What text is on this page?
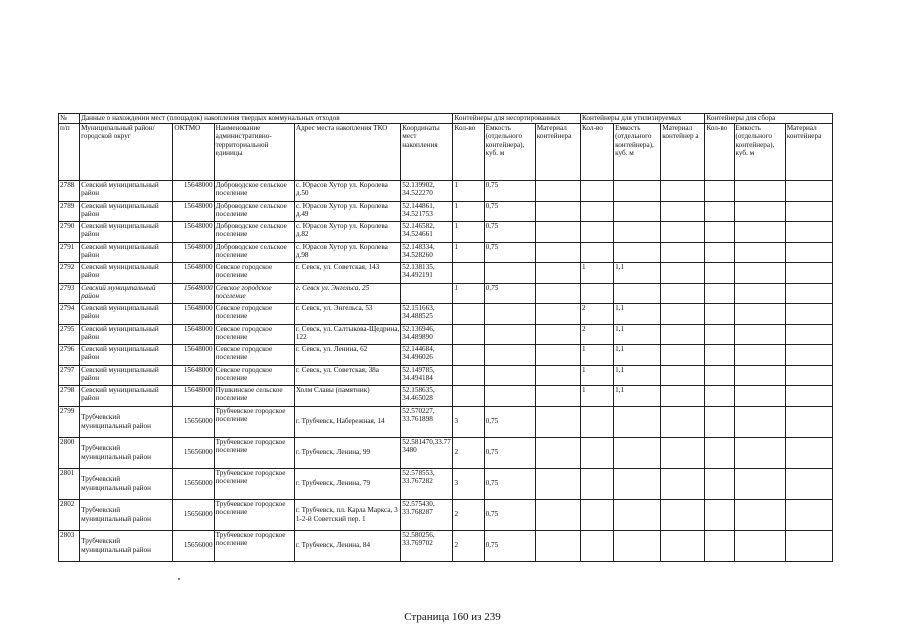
№	Данные о нахождении мест (площадок) накопления твердых коммунальных отходов					Контейнеры для несортированных			Контейнеры для утилизируемых			Контейнеры для сбора		
п/п	Муниципальный район/городской округ	ОКТМО	Наименование административно-территориальной единицы	Адрес места накопления ТКО	Координаты мест накопления	Кол-во	Емкость (отдельного контейнера), куб. м	Материал контейнера	Кол-во	Емкость (отдельного контейнера), куб. м	Материал контейнер а	Кол-во	Емкость (отдельного контейнера), куб. м	Материал контейнера
2788	Севский муниципальный район	15648000	Доброводское сельское поселение	с. Юрасов Хутор ул. Королева д.50	52.139902, 34.522270	1	0,75							
2789	Севский муниципальный район	15648000	Доброводское сельское поселение	с. Юрасов Хутор ул. Королева д.49	52.144861, 34.521753	1	0,75							
2790	Севский муниципальный район	15648000	Доброводское сельское поселение	с. Юрасов Хутор ул. Королева д.82	52.146582, 34.524661	1	0,75							
2791	Севский муниципальный район	15648000	Доброводское сельское поселение	с. Юрасов Хутор ул. Королева д.98	52.148334, 34.528260	1	0,75							
2792	Севский муниципальный район	15648000	Севское городское поселение	г. Севск, ул. Советская, 143	52.138135, 34.492191				1	1,1				
2793	Севский муниципальный район	15648000	Севское городское поселение	г. Севск ул. Энгельса, 25		1	0,75							
2794	Севский муниципальный район	15648000	Севское городское поселение	г. Севск, ул. Энгельса, 53	52.151663, 34.488525				2	1,1				
2795	Севский муниципальный район	15648000	Севское городское поселение	г. Севск, ул. Салтыкова-Щедрина, 122	52.136946, 34.489890				2	1,1				
2796	Севский муниципальный район	15648000	Севское городское поселение	г. Севск, ул. Ленина, 62	52.144684, 34.496026				1	1,1				
2797	Севский муниципальный район	15648000	Севское городское поселение	г. Севск, ул. Советская, 38а	52.149785, 34.494184				1	1,1				
2798	Севский муниципальный район	15648000	Пушкинское сельское поселение	Холм Славы (памятник)	52.158635, 34.465028				1	1,1				
2799	Трубчевский муниципальный район	15656000	Трубчевское городское поселение	г. Трубчевск, Набережная, 14	52.570227, 33.761898	3	0,75							
2800	Трубчевский муниципальный район	15656000	Трубчевское городское поселение	г. Трубчевск, Ленина, 99	52.581470,33.773480	2	0,75							
2801	Трубчевский муниципальный район	15656000	Трубчевское городское поселение	г. Трубчевск, Ленина, 79	52.578553, 33.767282	3	0,75							
2802	Трубчевский муниципальный район	15656000	Трубчевское городское поселение	г. Трубчевск, пл. Карла Маркса, 3 1-2-й Советский пер. 1	52.575430, 33.768287	2	0,75							
2803	Трубчевский муниципальный район	15656000	Трубчевское городское поселение	г. Трубчевск, Ленина, 84	52.580256, 33.769702	2	0,75							
Страница 160 из 239
